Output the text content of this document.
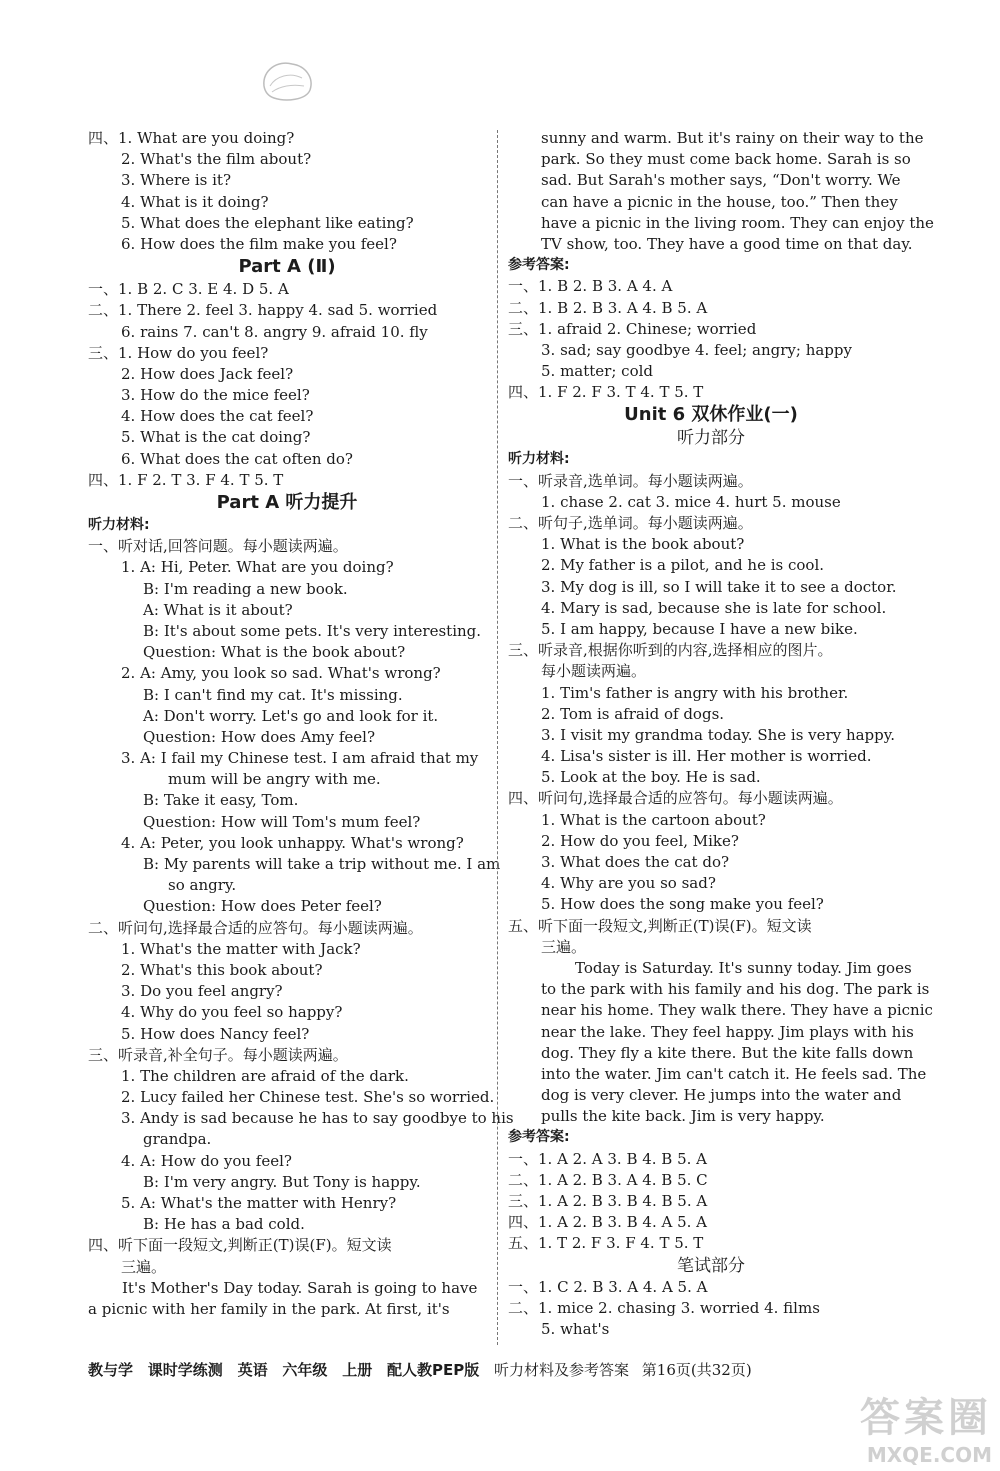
四、1. What are you doing?
2. What's the film about?
3. Where is it?
4. What is it doing?
5. What does the elephant like eating?
6. How does the film make you feel?
Part A (Ⅱ)
一、1. B 2. C 3. E 4. D 5. A
二、1. There 2. feel 3. happy 4. sad 5. worried
6. rains 7. can't 8. angry 9. afraid 10. fly
三、1. How do you feel?
2. How does Jack feel?
3. How do the mice feel?
4. How does the cat feel?
5. What is the cat doing?
6. What does the cat often do?
四、1. F 2. T 3. F 4. T 5. T
Part A 听力提升
听力材料:
一、听对话,回答问题。每小题读两遍。
1. A: Hi, Peter. What are you doing?
B: I'm reading a new book.
A: What is it about?
B: It's about some pets. It's very interesting.
Question: What is the book about?
2. A: Amy, you look so sad. What's wrong?
B: I can't find my cat. It's missing.
A: Don't worry. Let's go and look for it.
Question: How does Amy feel?
3. A: I fail my Chinese test. I am afraid that my
mum will be angry with me.
B: Take it easy, Tom.
Question: How will Tom's mum feel?
4. A: Peter, you look unhappy. What's wrong?
B: My parents will take a trip without me. I am
so angry.
Question: How does Peter feel?
二、听问句,选择最合适的应答句。每小题读两遍。
1. What's the matter with Jack?
2. What's this book about?
3. Do you feel angry?
4. Why do you feel so happy?
5. How does Nancy feel?
三、听录音,补全句子。每小题读两遍。
1. The children are afraid of the dark.
2. Lucy failed her Chinese test. She's so worried.
3. Andy is sad because he has to say goodbye to his
grandpa.
4. A: How do you feel?
B: I'm very angry. But Tony is happy.
5. A: What's the matter with Henry?
B: He has a bad cold.
四、听下面一段短文,判断正(T)误(F)。短文读
三遍。
It's Mother's Day today. Sarah is going to have
a picnic with her family in the park. At first, it's
sunny and warm. But it's rainy on their way to the
park. So they must come back home. Sarah is so
sad. But Sarah's mother says, “Don't worry. We
can have a picnic in the house, too.” Then they
have a picnic in the living room. They can enjoy the
TV show, too. They have a good time on that day.
参考答案:
一、1. B 2. B 3. A 4. A
二、1. B 2. B 3. A 4. B 5. A
三、1. afraid 2. Chinese; worried
3. sad; say goodbye 4. feel; angry; happy
5. matter; cold
四、1. F 2. F 3. T 4. T 5. T
Unit 6 双休作业(一)
听力部分
听力材料:
一、听录音,选单词。每小题读两遍。
1. chase 2. cat 3. mice 4. hurt 5. mouse
二、听句子,选单词。每小题读两遍。
1. What is the book about?
2. My father is a pilot, and he is cool.
3. My dog is ill, so I will take it to see a doctor.
4. Mary is sad, because she is late for school.
5. I am happy, because I have a new bike.
三、听录音,根据你听到的内容,选择相应的图片。
每小题读两遍。
1. Tim's father is angry with his brother.
2. Tom is afraid of dogs.
3. I visit my grandma today. She is very happy.
4. Lisa's sister is ill. Her mother is worried.
5. Look at the boy. He is sad.
四、听问句,选择最合适的应答句。每小题读两遍。
1. What is the cartoon about?
2. How do you feel, Mike?
3. What does the cat do?
4. Why are you so sad?
5. How does the song make you feel?
五、听下面一段短文,判断正(T)误(F)。短文读
三遍。
Today is Saturday. It's sunny today. Jim goes
to the park with his family and his dog. The park is
near his home. They walk there. They have a picnic
near the lake. They feel happy. Jim plays with his
dog. They fly a kite there. But the kite falls down
into the water. Jim can't catch it. He feels sad. The
dog is very clever. He jumps into the water and
pulls the kite back. Jim is very happy.
参考答案:
一、1. A 2. A 3. B 4. B 5. A
二、1. A 2. B 3. A 4. B 5. C
三、1. A 2. B 3. B 4. B 5. A
四、1. A 2. B 3. B 4. A 5. A
五、1. T 2. F 3. F 4. T 5. T
笔试部分
一、1. C 2. B 3. A 4. A 5. A
二、1. mice 2. chasing 3. worried 4. films
5. what's
教与学 课时学练测 英语 六年级 上册 配人教PEP版 听力材料及参考答案 第16页(共32页)
答案圈
MXQE.COM
